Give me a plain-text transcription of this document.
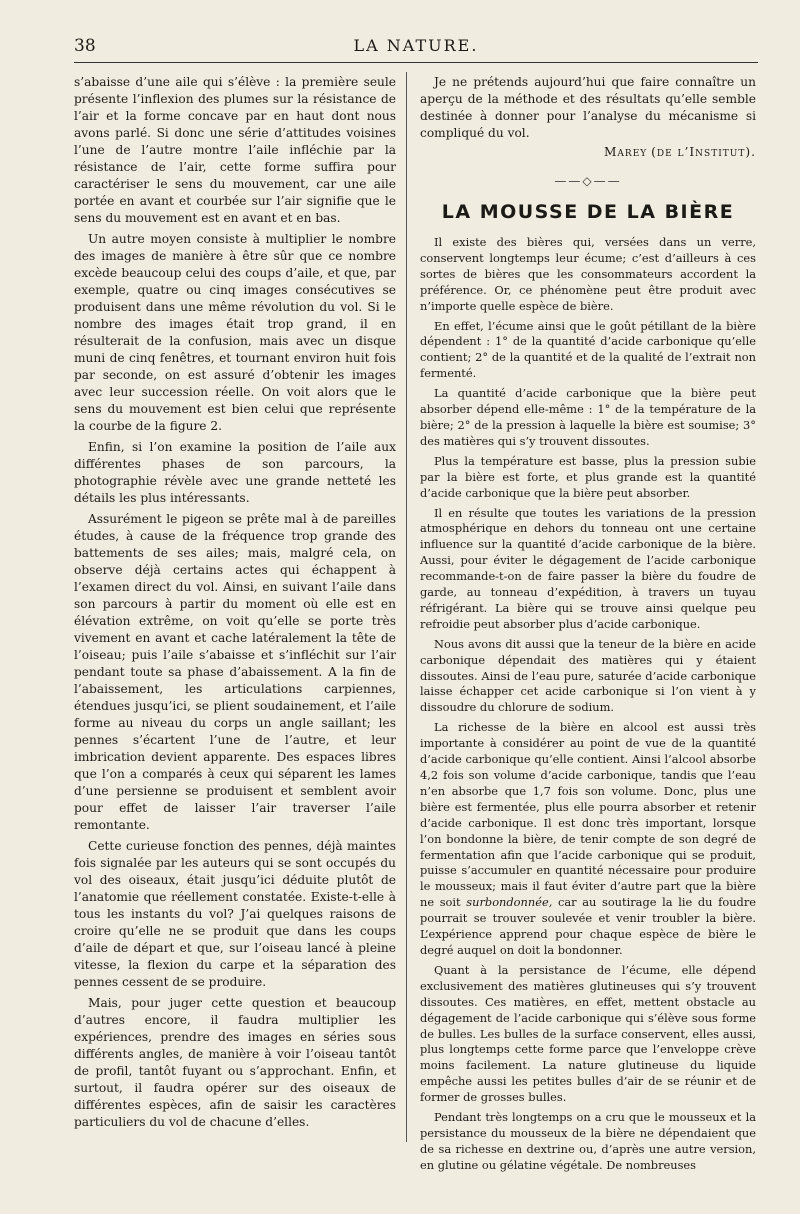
38	LA NATURE.

s’abaisse d’une aile qui s’élève : la première seule présente l’inflexion des plumes sur la résistance de l’air et la forme concave par en haut dont nous avons parlé. Si donc une série d’attitudes voisines l’une de l’autre montre l’aile infléchie par la résistance de l’air, cette forme suffira pour caractériser le sens du mouvement, car une aile portée en avant et courbée sur l’air signifie que le sens du mouvement est en avant et en bas.

Un autre moyen consiste à multiplier le nombre des images de manière à être sûr que ce nombre excède beaucoup celui des coups d’aile, et que, par exemple, quatre ou cinq images consécutives se produisent dans une même révolution du vol. Si le nombre des images était trop grand, il en résulterait de la confusion, mais avec un disque muni de cinq fenêtres, et tournant environ huit fois par seconde, on est assuré d’obtenir les images avec leur succession réelle. On voit alors que le sens du mouvement est bien celui que représente la courbe de la figure 2.

Enfin, si l’on examine la position de l’aile aux différentes phases de son parcours, la photographie révèle avec une grande netteté les détails les plus intéressants.

Assurément le pigeon se prête mal à de pareilles études, à cause de la fréquence trop grande des battements de ses ailes; mais, malgré cela, on observe déjà certains actes qui échappent à l’examen direct du vol. Ainsi, en suivant l’aile dans son parcours à partir du moment où elle est en élévation extrême, on voit qu’elle se porte très vivement en avant et cache latéralement la tête de l’oiseau; puis l’aile s’abaisse et s’infléchit sur l’air pendant toute sa phase d’abaissement. A la fin de l’abaissement, les articulations carpiennes, étendues jusqu’ici, se plient soudainement, et l’aile forme au niveau du corps un angle saillant; les pennes s’écartent l’une de l’autre, et leur imbrication devient apparente. Des espaces libres que l’on a comparés à ceux qui séparent les lames d’une persienne se produisent et semblent avoir pour effet de laisser l’air traverser l’aile remontante.

Cette curieuse fonction des pennes, déjà maintes fois signalée par les auteurs qui se sont occupés du vol des oiseaux, était jusqu’ici déduite plutôt de l’anatomie que réellement constatée. Existe-t-elle à tous les instants du vol? J’ai quelques raisons de croire qu’elle ne se produit que dans les coups d’aile de départ et que, sur l’oiseau lancé à pleine vitesse, la flexion du carpe et la séparation des pennes cessent de se produire.

Mais, pour juger cette question et beaucoup d’autres encore, il faudra multiplier les expériences, prendre des images en séries sous différents angles, de manière à voir l’oiseau tantôt de profil, tantôt fuyant ou s’approchant. Enfin, et surtout, il faudra opérer sur des oiseaux de différentes espèces, afin de saisir les caractères particuliers du vol de chacune d’elles.

Je ne prétends aujourd’hui que faire connaître un aperçu de la méthode et des résultats qu’elle semble destinée à donner pour l’analyse du mécanisme si compliqué du vol.

Marey (de l’Institut).
——◇——
LA MOUSSE DE LA BIÈRE

Il existe des bières qui, versées dans un verre, conservent longtemps leur écume; c’est d’ailleurs à ces sortes de bières que les consommateurs accordent la préférence. Or, ce phénomène peut être produit avec n’importe quelle espèce de bière.

En effet, l’écume ainsi que le goût pétillant de la bière dépendent : 1° de la quantité d’acide carbonique qu’elle contient; 2° de la quantité et de la qualité de l’extrait non fermenté.

La quantité d’acide carbonique que la bière peut absorber dépend elle-même : 1° de la température de la bière; 2° de la pression à laquelle la bière est soumise; 3° des matières qui s’y trouvent dissoutes.

Plus la température est basse, plus la pression subie par la bière est forte, et plus grande est la quantité d’acide carbonique que la bière peut absorber.

Il en résulte que toutes les variations de la pression atmosphérique en dehors du tonneau ont une certaine influence sur la quantité d’acide carbonique de la bière. Aussi, pour éviter le dégagement de l’acide carbonique recommande-t-on de faire passer la bière du foudre de garde, au tonneau d’expédition, à travers un tuyau réfrigérant. La bière qui se trouve ainsi quelque peu refroidie peut absorber plus d’acide carbonique.

Nous avons dit aussi que la teneur de la bière en acide carbonique dépendait des matières qui y étaient dissoutes. Ainsi de l’eau pure, saturée d’acide carbonique laisse échapper cet acide carbonique si l’on vient à y dissoudre du chlorure de sodium.

La richesse de la bière en alcool est aussi très importante à considérer au point de vue de la quantité d’acide carbonique qu’elle contient. Ainsi l’alcool absorbe 4,2 fois son volume d’acide carbonique, tandis que l’eau n’en absorbe que 1,7 fois son volume. Donc, plus une bière est fermentée, plus elle pourra absorber et retenir d’acide carbonique. Il est donc très important, lorsque l’on bondonne la bière, de tenir compte de son degré de fermentation afin que l’acide carbonique qui se produit, puisse s’accumuler en quantité nécessaire pour produire le mousseux; mais il faut éviter d’autre part que la bière ne soit surbondonnée, car au soutirage la lie du foudre pourrait se trouver soulevée et venir troubler la bière. L’expérience apprend pour chaque espèce de bière le degré auquel on doit la bondonner.

Quant à la persistance de l’écume, elle dépend exclusivement des matières glutineuses qui s’y trouvent dissoutes. Ces matières, en effet, mettent obstacle au dégagement de l’acide carbonique qui s’élève sous forme de bulles. Les bulles de la surface conservent, elles aussi, plus longtemps cette forme parce que l’enveloppe crève moins facilement. La nature glutineuse du liquide empêche aussi les petites bulles d’air de se réunir et de former de grosses bulles.

Pendant très longtemps on a cru que le mousseux et la persistance du mousseux de la bière ne dépendaient que de sa richesse en dextrine ou, d’après une autre version, en glutine ou gélatine végétale. De nombreuses
